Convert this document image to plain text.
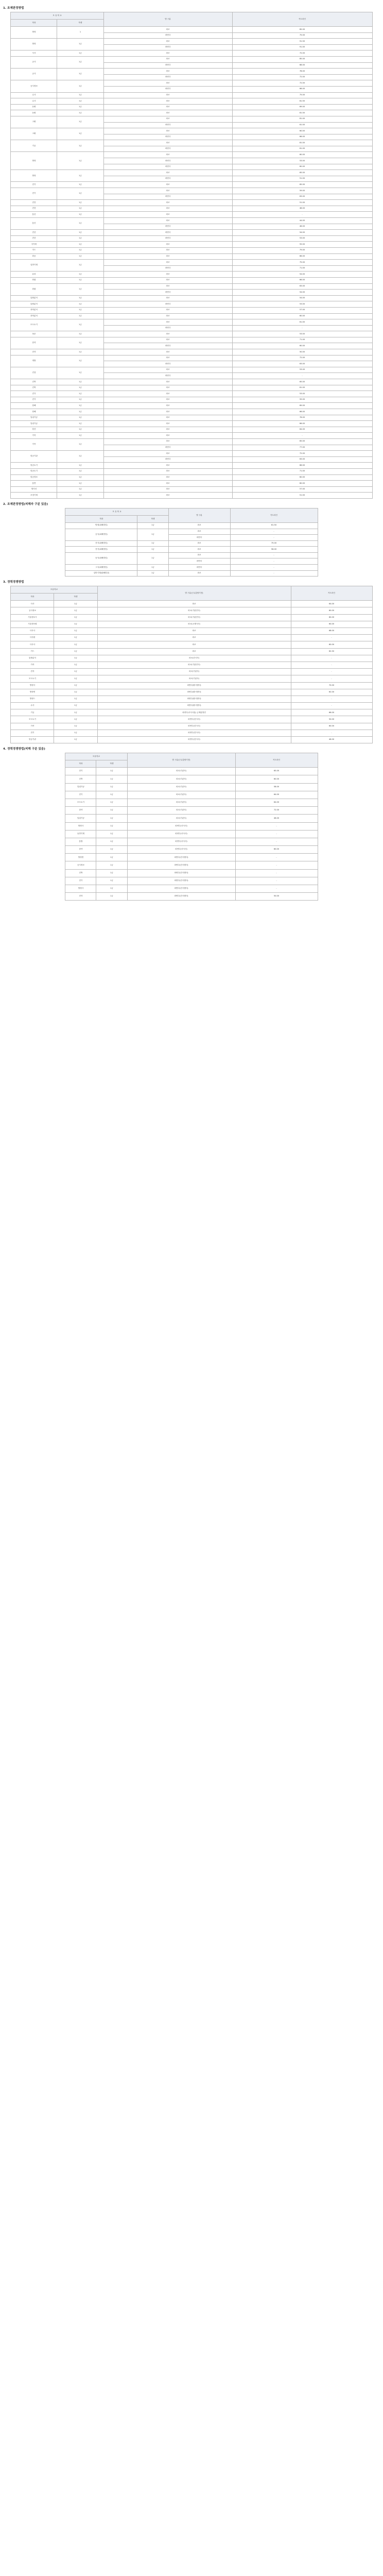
1. 조제판정방법
모 유 학 교		별 구분	커트라인
학과	학생		
방정	1	파코	85.00
		파번다	75.00
방정	1금	파코	91.50
		파번다	91.00
사사	1금	파코	72.00
공사	1금	파코	85.00
		파번다	68.00
공사	1금	파코	78.00
		파번다	72.00
공사정보	1금	파코	72.00
		파번다	66.00
수사	1금	파코	75.00
수사	1금	파코	81.50
동휘	1금	파코	69.00
동휘	1금	파코	81.00
고휘	1금	파코	81.00
		파번다	61.00
고휘	1금	파코	60.00
		파번다	66.00
기공	1금	파코	81.00
		파번다	61.00
방정	1금	파코	60.00
		파번다	53.00
		파번다	60.00
방정	1금	파코	65.00
		파번다	51.00
전기	1금	파코	65.00
전기	1금	파코	59.00
		파번다	63.00
전전	1금	파코	51.00
전전	1금	파코	48.00
통신	1금	파코	-
통신	1금	파코	44.00
		파번다	46.00
전산	1금	파번다	54.00
전산	1금	파번다	53.00
사이버	1금	파코	55.00
가드	1금	파코	79.00
화공	1금	파코	66.00
일반기계	1금	파코	75.00
		파번다	71.00
유파	1금	파코	54.00
화잡	1금	파코	66.00
화잡	1금	파코	63.00
		파번다	54.00
통합분석	1금	파코	54.00
통합분석	1금	파번다	53.00
과학분석	1금	파코	57.00
과학분석	1금	파코	60.00
모도토기	1금	파코	61.00
		파번다	-
폭운	1금	파코	53.00
한약	1금	파코	71.00
		파번다	60.00
전자	1금	파코	50.00
개방	1금	파코	72.00
		파번다	63.00
건설	1금	파코	53.00
		파번다	-
건축	1금	파코	65.00
건축	1금	파코	61.00
건가	1금	파코	53.00
건가	1금	파코	59.00
항해	1금	파코	69.00
항해	1금	파코	66.00
밀링가공	1금	파코	76.00
밀링가공	1금	파코	66.00
항산	1금	파코	64.00
가족	1금	파코	-
가족	1금	파코	65.00
		파번다	77.00
항공기관	1금	파코	72.00
		파번다	63.00
항공토기	1금	파코	66.00
항공토기	1금	파코	71.00
항공정보	1금	파코	60.00
통연	1금	파코	60.00
방사선	1금	파코	57.00
조경기계	1금	파코	51.00
2. 조제판정방법(피해자 구분 있음)
모 유 학 교		별 구분	커트라인
학과	학생		
방정(피해빌딩)	1금	파코	61.50
공사(피해빌딩)	1금	파코	-
		파번다	-
전기(피해빌딩)	1금	파코	75.00
전기(피해빌딩)	1금	파코	56.00
동사(피해빌딩)	1금	파코	-
		파번다	-
그사(피해빌딩)	1금	파번다	-
일반기계(피해빌딩)	1금	파코	-
3. 경력경쟁방법
모유학교		별 구분(근무총합기전)	커트라인
학과	학생		
사사	1금	파코	64.00
공사정보	1금	파코(기관전사)	60.00
기술정보시	1금	파코(기관전사)	60.00
기술정보원	1금	파코(교재사사)	60.00
사사사	1금	파코	68.00
사사환	1금	파코	-
사사사	1금	파코	60.00
가드	1금	파코	62.50
통합분석	1금	파코(건사사)	-
가족	1금	파코(기관전사)	-
전자	1금	파코(기관사)	-
모도토기	1금	파코(기관사)	-
방정사	1금	파번다(환사행사)	70.00
방정번	1금	파번다(환사행사)	62.00
방정드	1금	파번다(환사행사)	-
수사	1금	파번다(환사행사)	-
기공	1금	파번다(사사사분) 금제분방전	66.00
모도토기	1금	파번다(건사사)	50.00
가족	1금	파번다(건사사)	60.00
전기	1금	파번다(건사사)	-
항공기관	1금	파번다(건사사)	46.00
4. 경력경쟁방법(피해 구분 있음)
모유학교		별 구분(근무총합기전)	커트라인
학과	학생		
전기	1금	파코(기관사)	65.00
건축	1금	파코(기관사)	60.00
밀링가공	1금	파코(기관사)	58.00
전기	1금	파코(기관사)	64.00
모도토기	1금	파코(기관사)	64.00
한약	1금	파코(기관사)	72.00
밀링가공	1금	파코(기관사)	46.00
방정사	1금	파번다(사사사)	-
동반기계	1금	파번다(사사사)	-
통합	1금	파번다(사사사)	-
한약	1금	파번다(사사사)	60.00
방정번	1금	파번다(건사행사)	-
공사정보	1금	파번다(건사행사)	-
건축	1금	파번다(건사행사)	-
전기	1금	파번다(건사행사)	-
방정사	1금	파번다(건사행사)	-
전자	1금	파번다(건사행사)	50.00
